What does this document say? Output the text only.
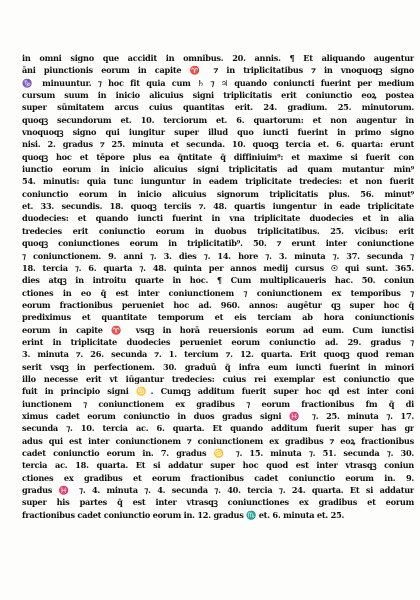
in omni signo que accidit in omnibus. 20. annis. ¶ Et aliquando augentur
āni piunctionis eorum in capite ♈ ⁊ in triplicitatibus ⁊ in vnoquoqꝫ signo
♑ minuuntur. ⁊ hoc fit quia cum ♄ ⁊ ♃ quando coniuncti fuerint per medium
cursum suum in inicio alicuius signi triplicitatis erit coniunctio eoꝝ postea
super sūmitatem arcus cuius quantitas erit. 24. gradium. 25. minutorum.
quoqꝫ secundorum et. 10. terciorum et. 6. quartorum: et non augentur in
vnoquoqꝫ signo qui iungitur super illud quo iuncti fuerint in primo signo
nisi. 2. gradus ⁊ 25. minuta et secunda. 10. quoqꝫ tercia et. 6. quarta: erunt
quoqꝫ hoc et tēpore plus ea q̄ntitate q̄ diffiniuim⁹: et maxime si fuerit con
iunctio eorum in inicio alicuius signi triplicitatis ad quam mutantur min⁹
54. minutis: quia tunc iunguntur in eadem triplicitate tredecies: et non fuerit
coniunctio eorum in inicio alicuius signorum triplicitatis plus. 56. minut⁹
et. 33. secundis. 18. quoqꝫ terciis ⁊. 48. quartis iungentur in eade triplicitate
duodecies: et quando iuncti fuerint in vna triplicitate duodecies et in alia
tredecies erit coniunctio eorum in duobus triplicitatibus. 25. vicibus: erit
quoqꝫ coniunctiones eorum in triplicitatib⁹. 50. ⁊ erunt inter coniunctione
⁊ coniunctionem. 9. anni ⁊. 3. dies ⁊. 14. hore ⁊. 3. minuta ⁊. 37. secunda ⁊
18. tercia ⁊. 6. quarta ⁊. 48. quinta per annos medij cursus ☉ qui sunt. 365.
dies atqꝫ in introitu quarte in hoc. ¶ Cum multiplicaueris hac. 50. coniun
ctiones in eo q̄ est inter coniunctionem ⁊ coniunctionem ex temporibus ⁊
eorum fractionibus perueniet hoc ad. 960. annos: augētur qꝫ super hoc q̄
prediximus et quantitate temporum et eis terciam ab hora coniunctionis
eorum in capite ♈ vsqꝫ in horā reuersionis eorum ad eum. Cum iunctisi
erint in triplicitate duodecies perueniet eorum coniunctio ad. 29. gradus ⁊
3. minuta ⁊. 26. secunda ⁊. 1. tercium ⁊. 12. quarta. Erit quoqꝫ quod reman
serit vsqꝫ in perfectionem. 30. graduū q̄ infra eum iuncti fuerint in minori
illo necesse erit vt iūgantur tredecies: cuius rei exemplar est coniunctio que
fuit in principio signi ♋. Cumqꝫ additum fuerit super hoc qd est inter coni
iunctionem ⁊ coniunctionem ex gradibus ⁊ eorum fractionibus fm q̄ di
ximus cadet eorum coniunctio in duos gradus signi ♓ ⁊. 25. minuta ⁊. 17.
secunda ⁊. 10. tercia ac. 6. quarta. Et quando additum fuerit super has gr
adus qui est inter coniunctionem ⁊ coniunctionem ex gradibus ⁊ eoꝝ fractionibus
cadet coniunctio eorum in. 7. gradus ♋ ⁊. 15. minuta ⁊. 51. secunda ⁊. 30.
tercia ac. 18. quarta. Et si addatur super hoc quod est inter vtrasqꝫ coniun
ctiones ex gradibus et eorum fractionibus cadet coniunctio eorum in. 9.
gradus ♓ ⁊. 4. minuta ⁊. 4. secunda ⁊. 40. tercia ⁊. 24. quarta. Et si addatur
super his partes q̄ est inter vtrasqꝫ coniunctiones ex gradibus et eorum
fractionibus cadet coniunctio eorum in. 12. gradus ♏ et. 6. minuta et. 25.
